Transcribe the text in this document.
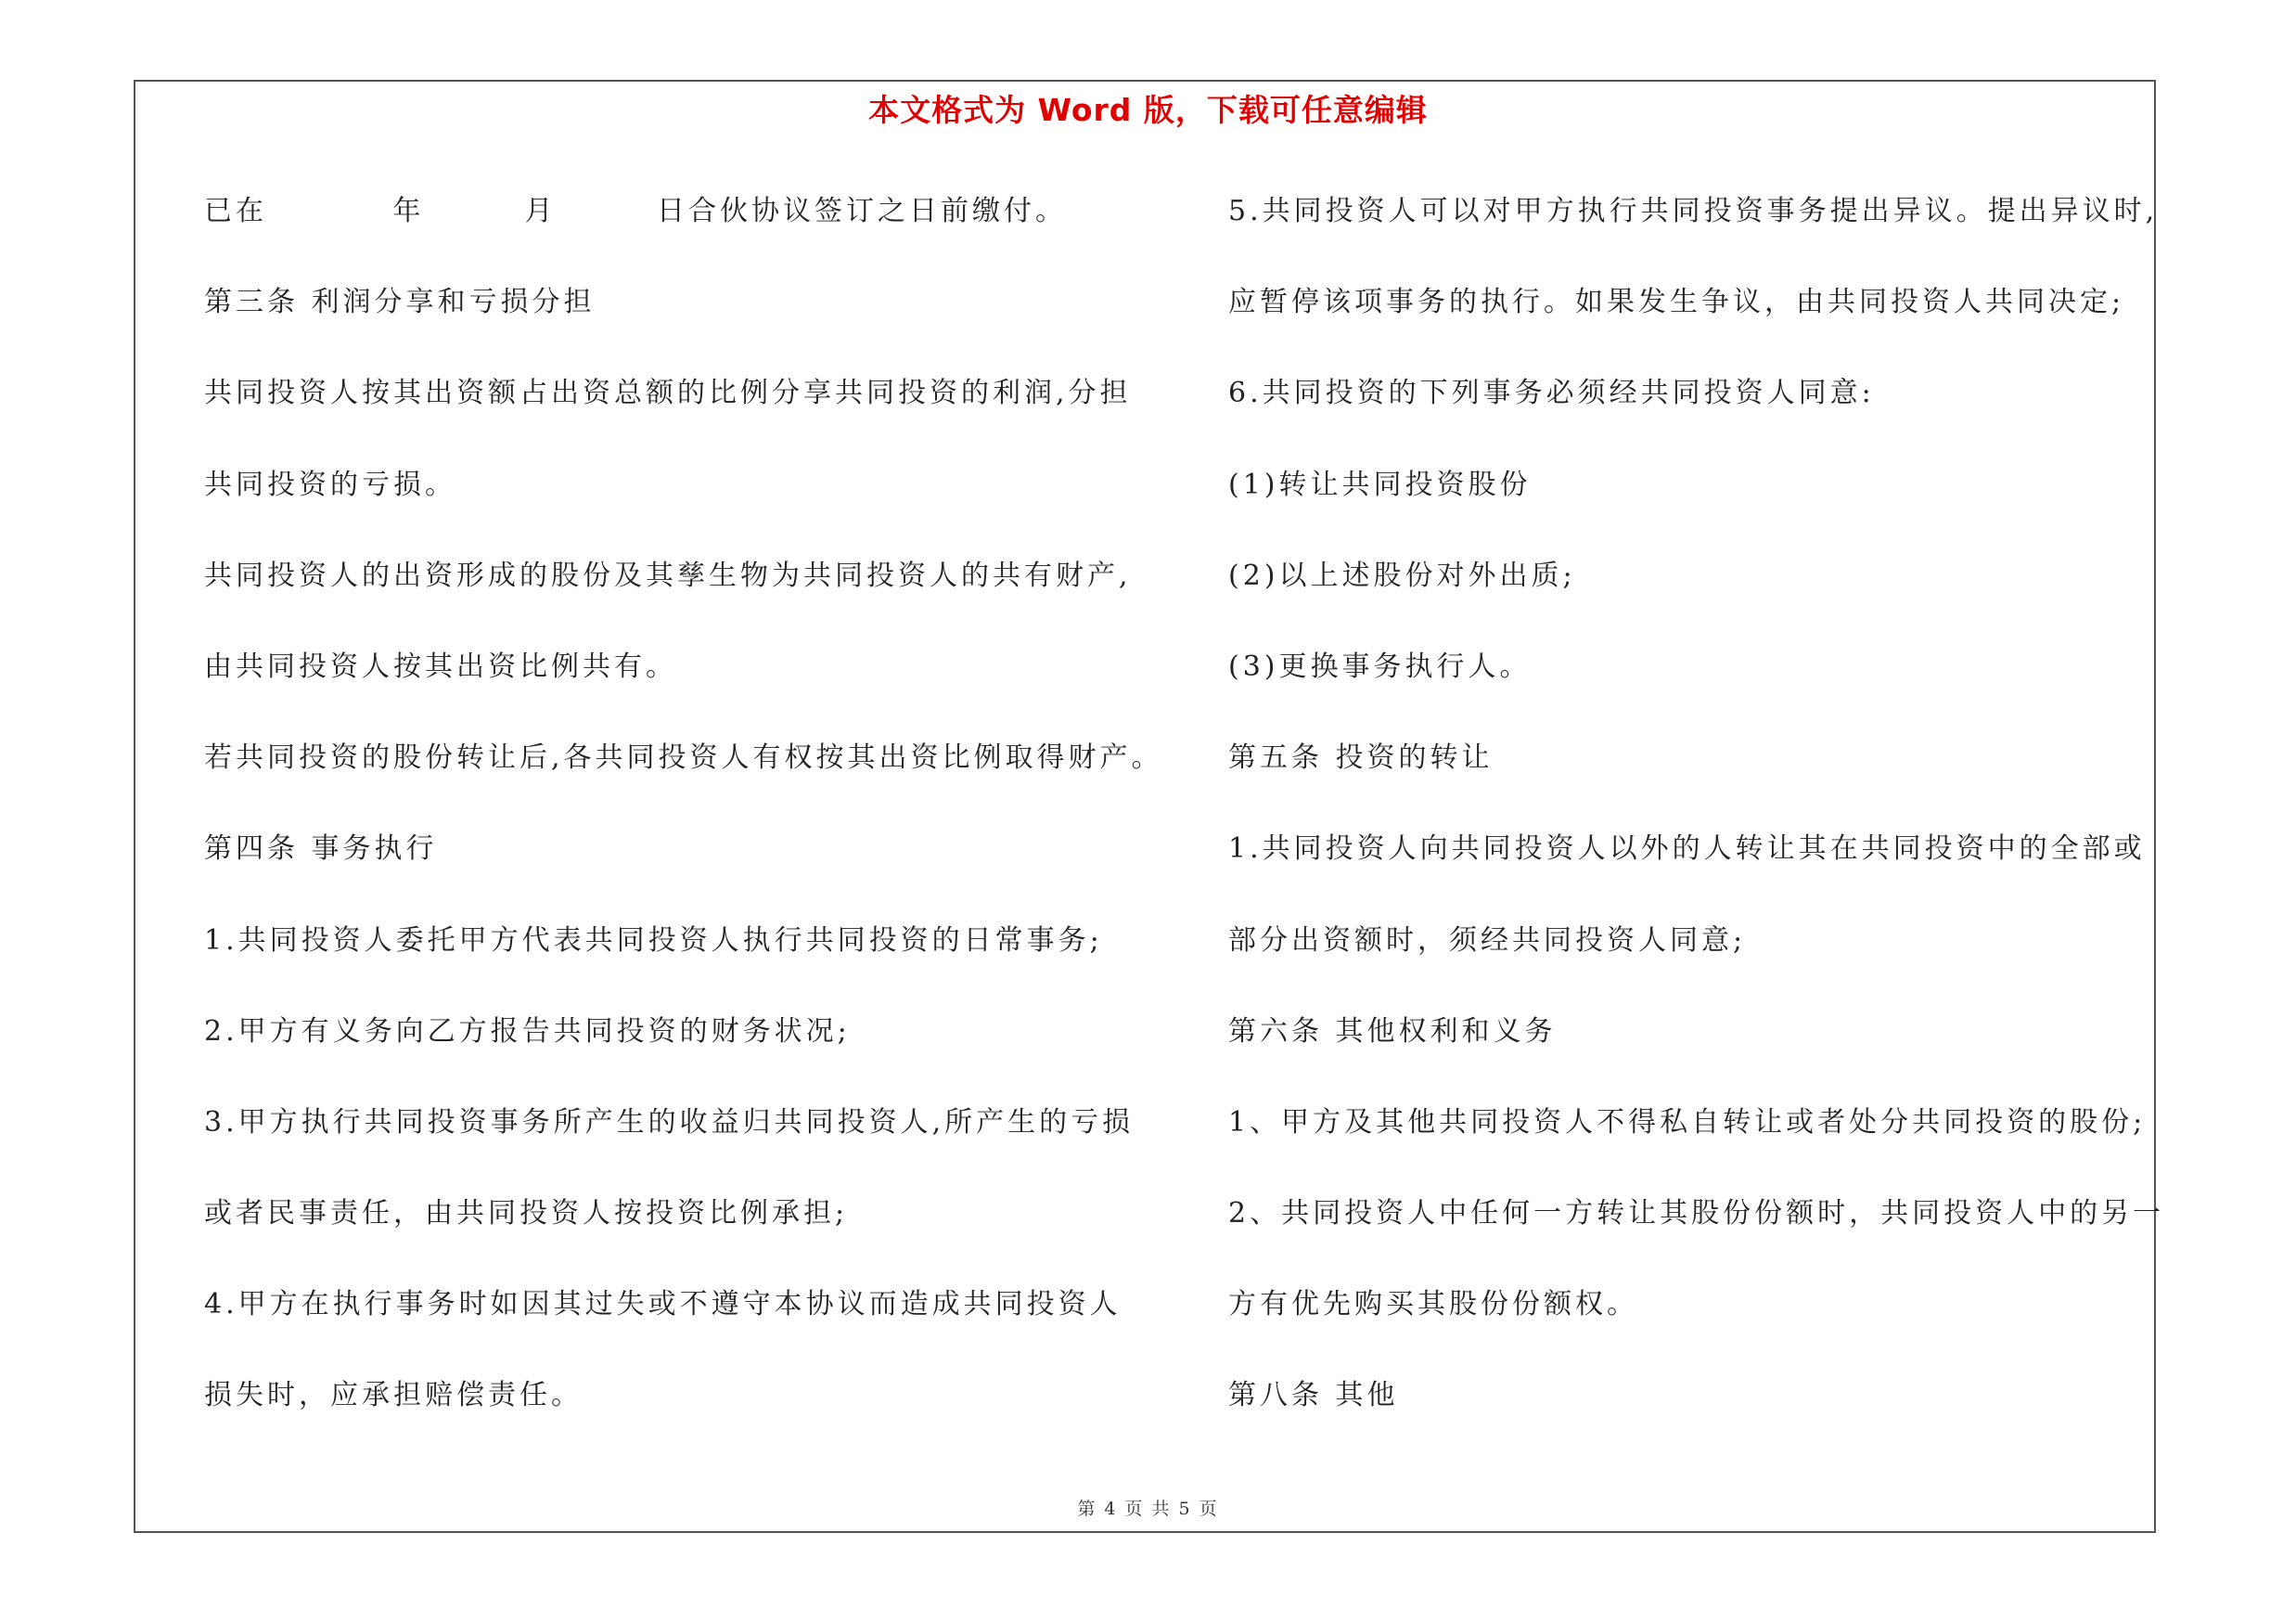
本文格式为 Word 版，下载可任意编辑
已在          年        月        日合伙协议签订之日前缴付。
第三条 利润分享和亏损分担
共同投资人按其出资额占出资总额的比例分享共同投资的利润,分担
共同投资的亏损。
共同投资人的出资形成的股份及其孳生物为共同投资人的共有财产,
由共同投资人按其出资比例共有。
若共同投资的股份转让后,各共同投资人有权按其出资比例取得财产。
第四条 事务执行
1.共同投资人委托甲方代表共同投资人执行共同投资的日常事务;
2.甲方有义务向乙方报告共同投资的财务状况;
3.甲方执行共同投资事务所产生的收益归共同投资人,所产生的亏损
或者民事责任，由共同投资人按投资比例承担;
4.甲方在执行事务时如因其过失或不遵守本协议而造成共同投资人
损失时，应承担赔偿责任。
5.共同投资人可以对甲方执行共同投资事务提出异议。提出异议时,
应暂停该项事务的执行。如果发生争议，由共同投资人共同决定;
6.共同投资的下列事务必须经共同投资人同意:
(1)转让共同投资股份
(2)以上述股份对外出质;
(3)更换事务执行人。
第五条 投资的转让
1.共同投资人向共同投资人以外的人转让其在共同投资中的全部或
部分出资额时，须经共同投资人同意;
第六条 其他权利和义务
1、甲方及其他共同投资人不得私自转让或者处分共同投资的股份;
2、共同投资人中任何一方转让其股份份额时，共同投资人中的另一
方有优先购买其股份份额权。
第八条 其他
第 4 页 共 5 页
